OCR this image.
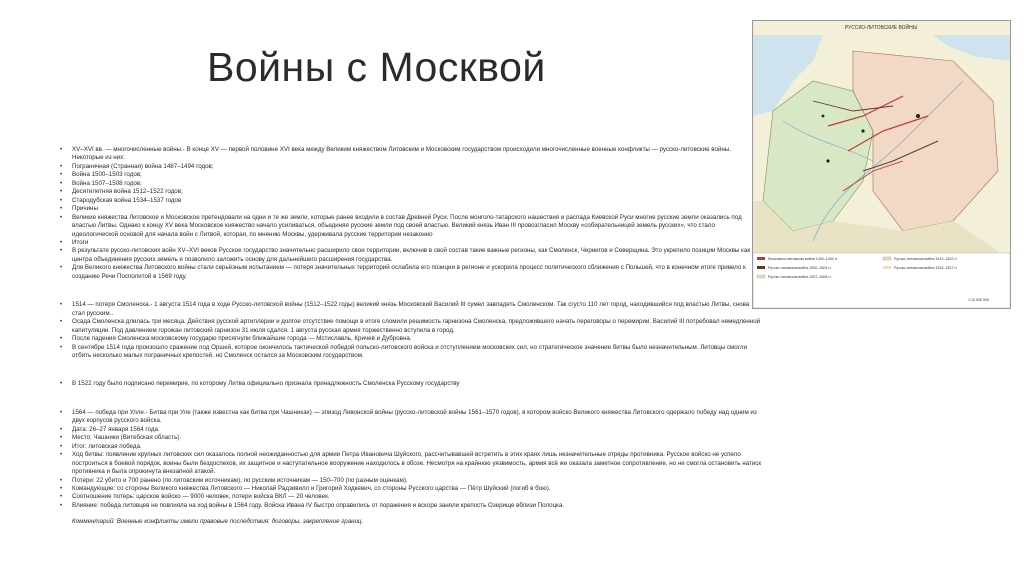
Войны с Москвой
•	XV–XVI вв. — многочисленные войны.- В конце XV — первой половине XVI века между Великим княжеством Литовским и Московским государством происходили многочисленные военные конфликты — русско-литовские войны. Некоторые из них:
•	Пограничная (Странная) война 1487–1494 годов;
•	Война 1500–1503 годов;
•	Война 1507–1508 годов;
•	Десятилетняя война 1512–1522 годов;
•	Стародубская война 1534–1537 годов
•	Причины
•	Великие княжества Литовское и Московское претендовали на одни и те же земли, которые ранее входили в состав Древней Руси. После монголо-татарского нашествия и распада Киевской Руси многие русские земли оказались под властью Литвы. Однако к концу XV века Московское княжество начало усиливаться, объединяя русские земли под своей властью. Великий князь Иван III провозгласил Москву «собирательницей земель русских», что стало идеологической основой для начала войн с Литвой, которая, по мнению Москвы, удерживала русские территории незаконно
•	Итоги
•	В результате русско-литовских войн XV–XVI веков Русское государство значительно расширило свои территории, включив в свой состав такие важные регионы, как Смоленск, Чернигов и Северщина. Это укрепило позиции Москвы как центра объединения русских земель и позволило заложить основу для дальнейшего расширения государства.
•	Для Великого княжества Литовского войны стали серьёзным испытанием — потеря значительных территорий ослабила его позиции в регионе и ускорила процесс политического сближения с Польшей, что в конечном итоге привело к созданию Речи Посполитой в 1569 году.
•	1514 — потеря Смоленска.- 1 августа 1514 года в ходе Русско-литовской войны (1512–1522 годы) великий князь Московский Василий III сумел завладеть Смоленском. Так сгусто 110 лет город, находившийся под властью Литвы, снова стал русским..
•	Осада Смоленска длилась три месяца. Действия русской артиллерии и долгое отсутствие помощи в итоге сломили решимость гарнизона Смоленска, предложившего начать переговоры о перемирии. Василий III потребовал немедленной капитуляции. Под давлением горожан литовский гарнизон 31 июля сдался. 1 августа русская армия торжественно вступила в город.
•	После падения Смоленска московскому государю присягнули ближайшие города — Мстиславль, Кричев и Дубровна.
•	В сентябре 1514 года произошло сражение под Оршей, которое окончилось тактической победой польско-литовского войска и отступлением московских сил, но стратегическое значение битвы было незначительным. Литовцы смогли отбить несколько малых пограничных крепостей, но Смоленск остался за Московским государством.
•	В 1522 году было подписано перемирие, по которому Литва официально признала принадлежность Смоленска Русскому государству
•	1564 — победа при Улле.- Битва при Уле (также известна как битва при Чашниках) — эпизод Ливонской войны (русско-литовской войны 1561–1570 годов), в котором войско Великого княжества Литовского одержало победу над одним из двух корпусов русского войска.
•	Дата: 26–27 января 1564 года.
•	Место: Чашники (Витебская область).
•	Итог: литовская победа.
•	Ход битвы: появление крупных литовских сил оказалось полной неожиданностью для армии Петра Ивановича Шуйского, рассчитывавшей встретить в этих краях лишь незначительные отряды противника. Русское войско не успело построиться в боевой порядок, воины были бездоспехов, их защитное и наступательное вооружение находилось в обозе. Несмотря на крайнюю уязвимость, армия всё же оказала заметное сопротивление, но не смогла остановить натиск противника и была опрокинута внезапной атакой.
•	Потери: 22 убито и 700 ранено (по литовским источникам), по русским источникам — 150–700 (по разным оценкам).
•	Командующие: со стороны Великого княжества Литовского — Николай Радзивилл и Григорий Ходкевич, со стороны Русского царства — Пётр Шуйский (погиб в бою).
•	Соотношение потерь: царское войско — 9000 человек, потери войска ВКЛ — 20 человек.
•	Влияние: победа литовцев не повлияла на ход войны в 1564 году. Войска Ивана IV быстро оправились от поражения и вскоре заняли крепость Озерище вблизи Полоцка.
Комментарий: Военные конфликты имели правовые последствия: договоры, закрепление границ.
РУССКО-ЛИТОВСКИЕ ВОЙНЫ
Московско-литовская война 1492–1494 гг.
Русско-литовская война 1500–1503 гг.
Русско-литовская война 1507–1508 гг.
Русско-литовская война 1512–1522 гг.
Русско-литовская война 1534–1537 гг.
1:10 000 000
